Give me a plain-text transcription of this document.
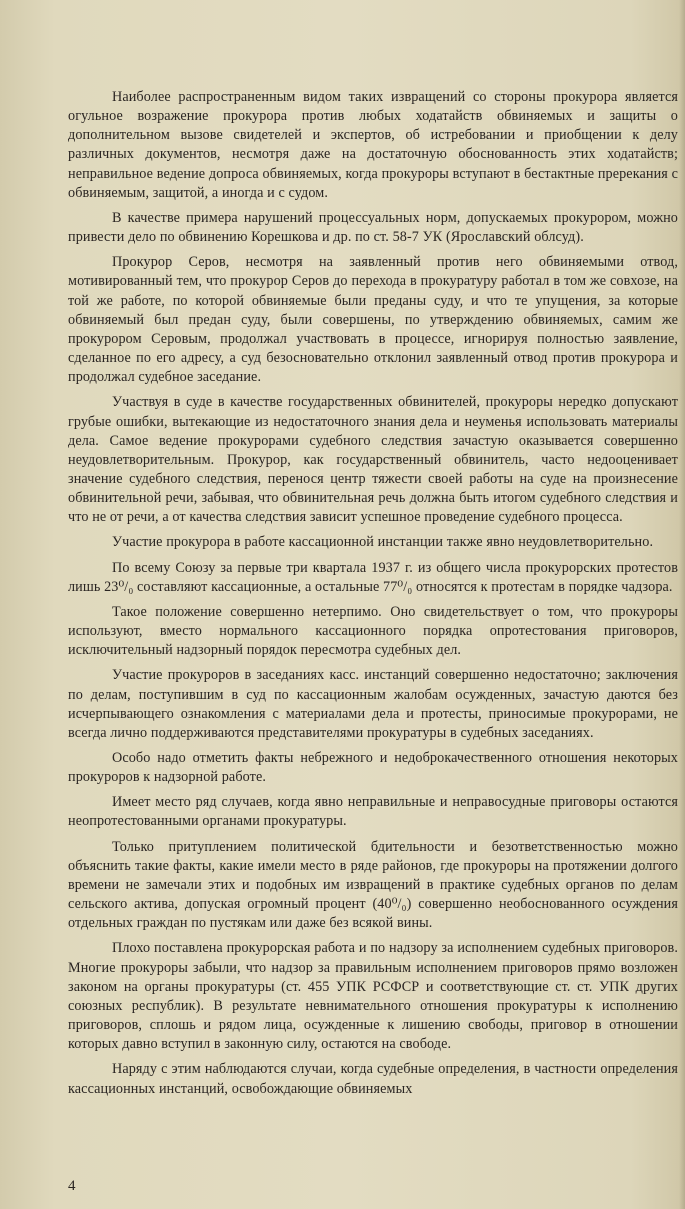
Наиболее распространенным видом таких извращений со стороны прокурора является огульное возражение прокурора против любых ходатайств обвиняемых и защиты о дополнительном вызове свидетелей и экспертов, об истребовании и приобщении к делу различных документов, несмотря даже на достаточную обоснованность этих ходатайств; неправильное ведение допроса обвиняемых, когда прокуроры вступают в бестактные пререкания с обвиняемым, защитой, а иногда и с судом.

В качестве примера нарушений процессуальных норм, допускаемых прокурором, можно привести дело по обвинению Корешкова и др. по ст. 58-7 УК (Ярославский облсуд).

Прокурор Серов, несмотря на заявленный против него обвиняемыми отвод, мотивированный тем, что прокурор Серов до перехода в прокуратуру работал в том же совхозе, на той же работе, по которой обвиняемые были преданы суду, и что те упущения, за которые обвиняемый был предан суду, были совершены, по утверждению обвиняемых, самим же прокурором Серовым, продолжал участвовать в процессе, игнорируя полностью заявление, сделанное по его адресу, а суд безосновательно отклонил заявленный отвод против прокурора и продолжал судебное заседание.

Участвуя в суде в качестве государственных обвинителей, прокуроры нередко допускают грубые ошибки, вытекающие из недостаточного знания дела и неуменья использовать материалы дела. Самое ведение прокурорами судебного следствия зачастую оказывается совершенно неудовлетворительным. Прокурор, как государственный обвинитель, часто недооценивает значение судебного следствия, перенося центр тяжести своей работы на суде на произнесение обвинительной речи, забывая, что обвинительная речь должна быть итогом судебного следствия и что не от речи, а от качества следствия зависит успешное проведение судебного процесса.

Участие прокурора в работе кассационной инстанции также явно неудовлетворительно.

По всему Союзу за первые три квартала 1937 г. из общего числа прокурорских протестов лишь 23⁰/₀ составляют кассационные, а остальные 77⁰/₀ относятся к протестам в порядке чадзора.

Такое положение совершенно нетерпимо. Оно свидетельствует о том, что прокуроры используют, вместо нормального кассационного порядка опротестования приговоров, исключительный надзорный порядок пересмотра судебных дел.

Участие прокуроров в заседаниях касс. инстанций совершенно недостаточно; заключения по делам, поступившим в суд по кассационным жалобам осужденных, зачастую даются без исчерпывающего ознакомления с материалами дела и протесты, приносимые прокурорами, не всегда лично поддерживаются представителями прокуратуры в судебных заседаниях.

Особо надо отметить факты небрежного и недоброкачественного отношения некоторых прокуроров к надзорной работе.

Имеет место ряд случаев, когда явно неправильные и неправосудные приговоры остаются неопротестованными органами прокуратуры.

Только притуплением политической бдительности и безответственностью можно объяснить такие факты, какие имели место в ряде районов, где прокуроры на протяжении долгого времени не замечали этих и подобных им извращений в практике судебных органов по делам сельского актива, допуская огромный процент (40⁰/₀) совершенно необоснованного осуждения отдельных граждан по пустякам или даже без всякой вины.

Плохо поставлена прокурорская работа и по надзору за исполнением судебных приговоров. Многие прокуроры забыли, что надзор за правильным исполнением приговоров прямо возложен законом на органы прокуратуры (ст. 455 УПК РСФСР и соответствующие ст. ст. УПК других союзных республик). В результате невнимательного отношения прокуратуры к исполнению приговоров, сплошь и рядом лица, осужденные к лишению свободы, приговор в отношении которых давно вступил в законную силу, остаются на свободе.

Наряду с этим наблюдаются случаи, когда судебные определения, в частности определения кассационных инстанций, освобождающие обвиняемых

4
